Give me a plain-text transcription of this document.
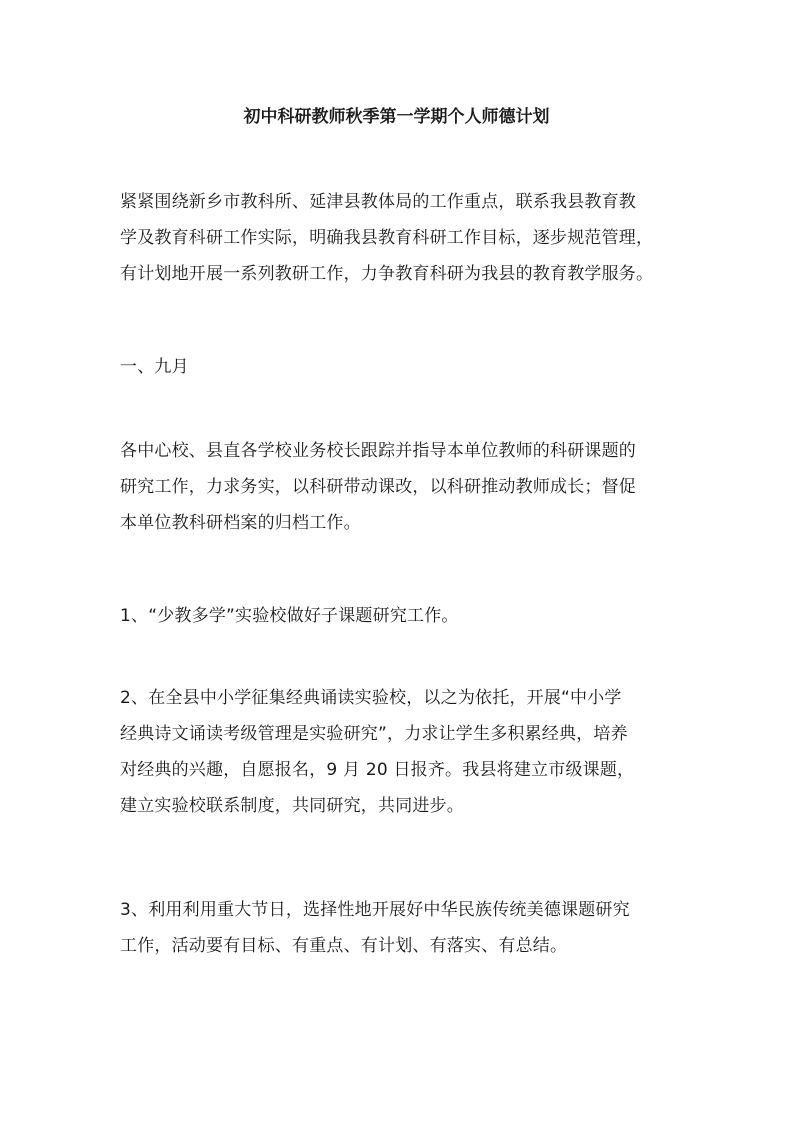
初中科研教师秋季第一学期个人师德计划

紧紧围绕新乡市教科所、延津县教体局的工作重点，联系我县教育教
学及教育科研工作实际，明确我县教育科研工作目标，逐步规范管理，
有计划地开展一系列教研工作，力争教育科研为我县的教育教学服务。

一、九月

各中心校、县直各学校业务校长跟踪并指导本单位教师的科研课题的
研究工作，力求务实，以科研带动课改，以科研推动教师成长；督促
本单位教科研档案的归档工作。

1、“少教多学”实验校做好子课题研究工作。

2、在全县中小学征集经典诵读实验校，以之为依托，开展“中小学
经典诗文诵读考级管理是实验研究”，力求让学生多积累经典，培养
对经典的兴趣，自愿报名，9 月 20 日报齐。我县将建立市级课题，
建立实验校联系制度，共同研究，共同进步。

3、利用利用重大节日，选择性地开展好中华民族传统美德课题研究
工作，活动要有目标、有重点、有计划、有落实、有总结。
